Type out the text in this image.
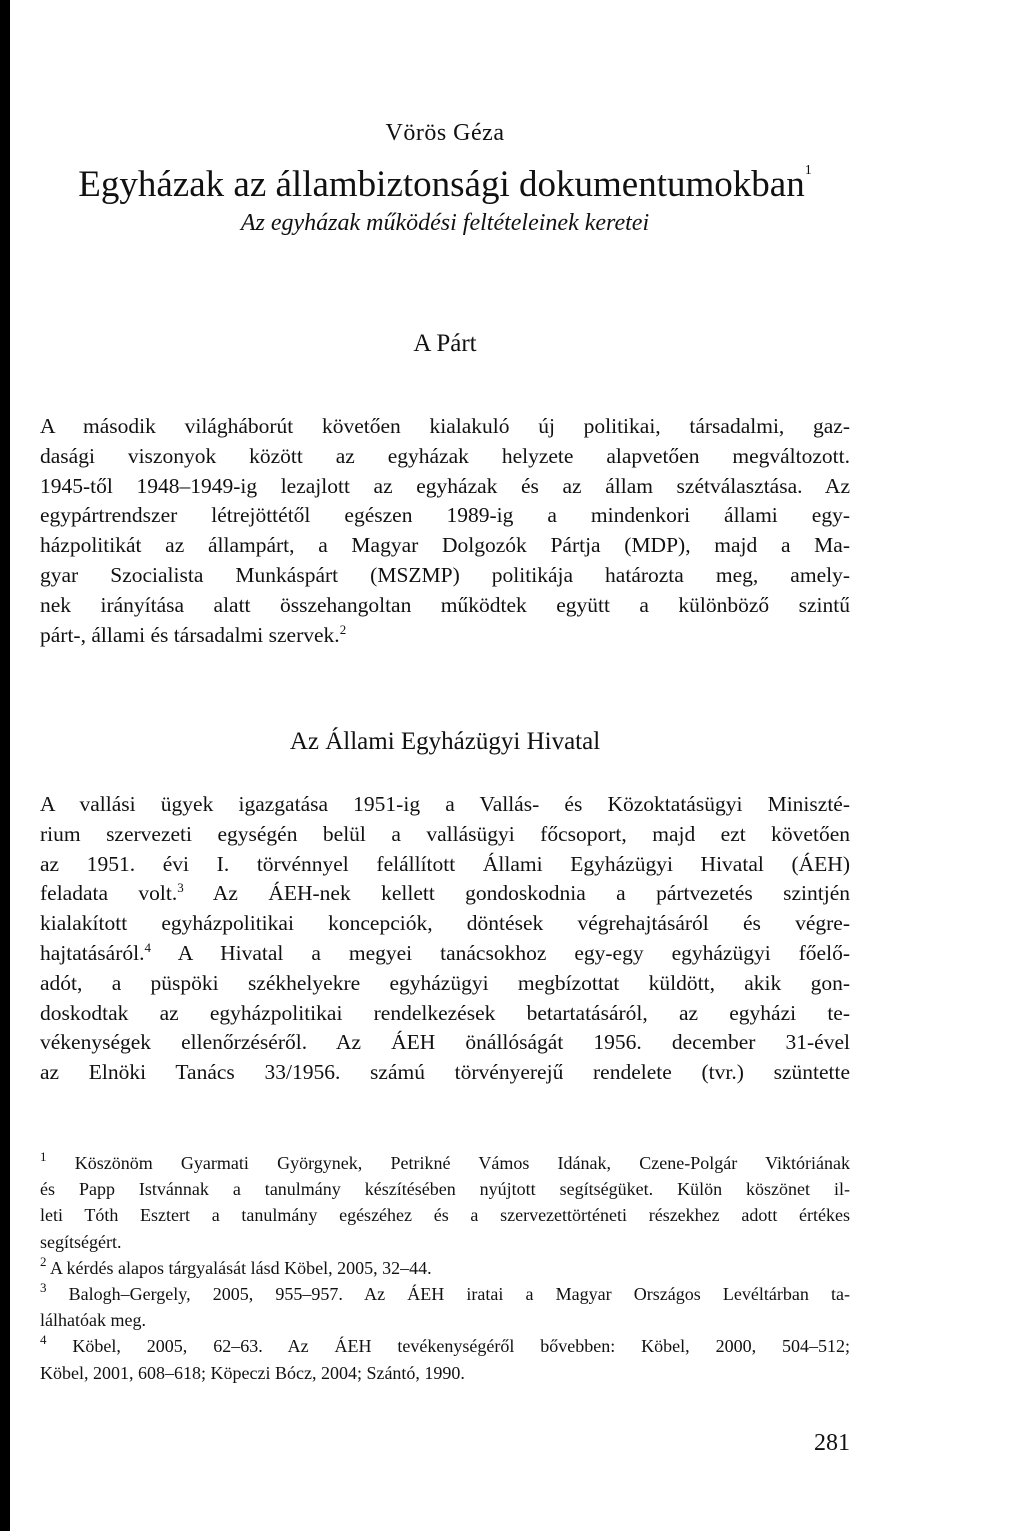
Vörös Géza
Egyházak az állambiztonsági dokumentumokban$^1$
Az egyházak működési feltételeinek keretei
A Párt
A második világháborút követően kialakuló új politikai, társadalmi, gaz-
dasági viszonyok között az egyházak helyzete alapvetően megváltozott.
1945-től 1948–1949-ig lezajlott az egyházak és az állam szétválasztása. Az
egypártrendszer létrejöttétől egészen 1989-ig a mindenkori állami egy-
házpolitikát az állampárt, a Magyar Dolgozók Pártja (MDP), majd a Ma-
gyar Szocialista Munkáspárt (MSZMP) politikája határozta meg, amely-
nek irányítása alatt összehangoltan működtek együtt a különböző szintű
párt-, állami és társadalmi szervek.$^2$
Az Állami Egyházügyi Hivatal
A vallási ügyek igazgatása 1951-ig a Vallás- és Közoktatásügyi Miniszté-
rium szervezeti egységén belül a vallásügyi főcsoport, majd ezt követően
az 1951. évi I. törvénnyel felállított Állami Egyházügyi Hivatal (ÁEH)
feladata volt.$^3$ Az ÁEH-nek kellett gondoskodnia a pártvezetés szintjén
kialakított egyházpolitikai koncepciók, döntések végrehajtásáról és végre-
hajtatásáról.$^4$ A Hivatal a megyei tanácsokhoz egy-egy egyházügyi főelő-
adót, a püspöki székhelyekre egyházügyi megbízottat küldött, akik gon-
doskodtak az egyházpolitikai rendelkezések betartatásáról, az egyházi te-
vékenységek ellenőrzéséről. Az ÁEH önállóságát 1956. december 31-ével
az Elnöki Tanács 33/1956. számú törvényerejű rendelete (tvr.) szüntette
$^1$ Köszönöm Gyarmati Györgynek, Petrikné Vámos Idának, Czene-Polgár Viktóriának
és Papp Istvánnak a tanulmány készítésében nyújtott segítségüket. Külön köszönet il-
leti Tóth Esztert a tanulmány egészéhez és a szervezettörténeti részekhez adott értékes
segítségért.
$^2$ A kérdés alapos tárgyalását lásd Köbel, 2005, 32–44.
$^3$ Balogh–Gergely, 2005, 955–957. Az ÁEH iratai a Magyar Országos Levéltárban ta-
lálhatóak meg.
$^4$ Köbel, 2005, 62–63. Az ÁEH tevékenységéről bővebben: Köbel, 2000, 504–512;
Köbel, 2001, 608–618; Köpeczi Bócz, 2004; Szántó, 1990.
281
